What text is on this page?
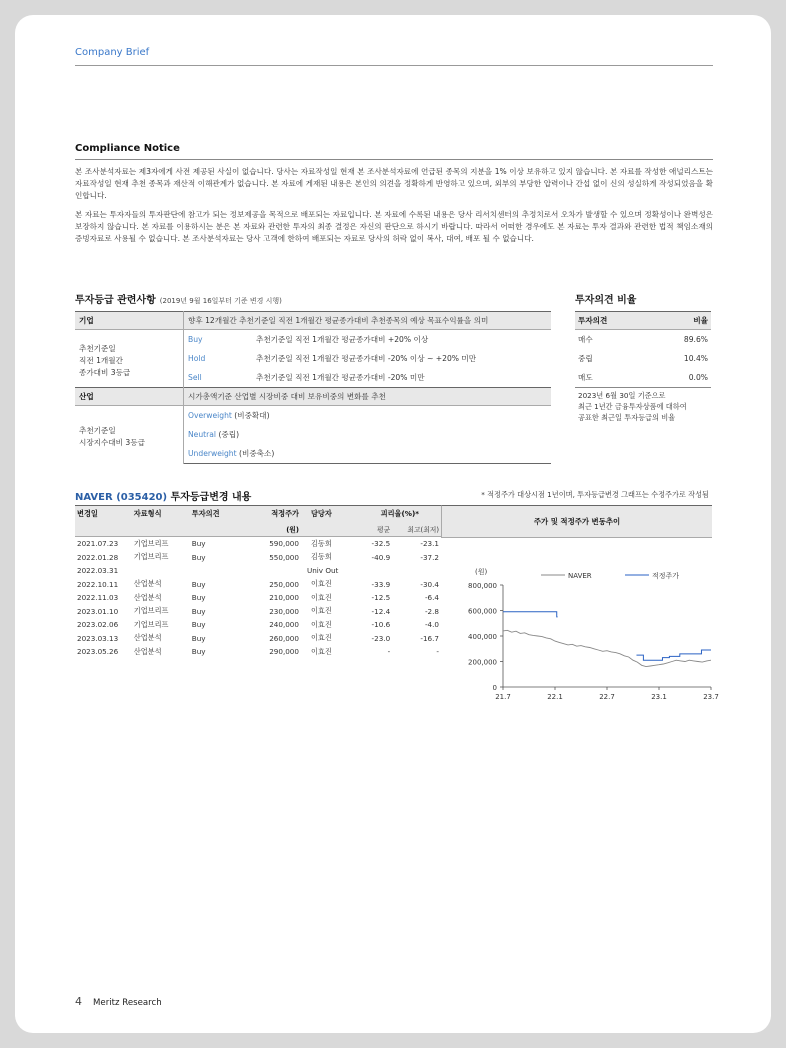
Company Brief
Compliance Notice
본 조사분석자료는 제3자에게 사전 제공된 사실이 없습니다. 당사는 자료작성일 현재 본 조사분석자료에 언급된 종목의 지분을 1% 이상 보유하고 있지 않습니다. 본 자료를 작성한 애널리스트는 자료작성일 현재 추천 종목과 재산적 이해관계가 없습니다. 본 자료에 게재된 내용은 본인의 의견을 정확하게 반영하고 있으며, 외부의 부당한 압력이나 간섭 없이 신의 성실하게 작성되었음을 확인합니다.
본 자료는 투자자들의 투자판단에 참고가 되는 정보제공을 목적으로 배포되는 자료입니다. 본 자료에 수록된 내용은 당사 리서치센터의 추정치로서 오차가 발생할 수 있으며 정확성이나 완벽성은 보장하지 않습니다. 본 자료를 이용하시는 분은 본 자료와 관련한 투자의 최종 결정은 자신의 판단으로 하시기 바랍니다. 따라서 어떠한 경우에도 본 자료는 투자 결과와 관련한 법적 책임소재의 증빙자료로 사용될 수 없습니다. 본 조사분석자료는 당사 고객에 한하여 배포되는 자료로 당사의 허락 없이 복사, 대여, 배포 될 수 없습니다.
투자등급 관련사항 (2019년 9월 16일부터 기준 변경 시행)
기업	향후 12개월간 추천기준일 직전 1개월간 평균종가대비 추천종목의 예상 목표수익률을 의미	

추천기준일
직전 1개월간
종가대비 3등급	Buy	추천기준일 직전 1개월간 평균종가대비 +20% 이상
	Hold	추천기준일 직전 1개월간 평균종가대비 -20% 이상 ~ +20% 미만
	Sell	추천기준일 직전 1개월간 평균종가대비 -20% 미만
산업	시가총액기준 산업별 시장비중 대비 보유비중의 변화를 추천	

추천기준일
시장지수대비 3등급	Overweight (비중확대)	
	Neutral (중립)	
	Underweight (비중축소)	
투자의견 비율
투자의견	비율
매수	89.6%
중립	10.4%
매도	0.0%
2023년 6월 30일 기준으로
최근 1년간 금융투자상품에 대하여
공표한 최근일 투자등급의 비율
NAVER (035420) 투자등급변경 내용	* 적정주가 대상시점 1년이며, 투자등급변경 그래프는 수정주가로 작성됨
변경일	자료형식	투자의견	적정주가	담당자	괴리율(%)*	
			(원)		평균	최고(최저)
2021.07.23	기업브리프	Buy	590,000	김동희	-32.5	-23.1
2022.01.28	기업브리프	Buy	550,000	김동희	-40.9	-37.2
2022.03.31				Univ Out		
2022.10.11	산업분석	Buy	250,000	이효진	-33.9	-30.4
2022.11.03	산업분석	Buy	210,000	이효진	-12.5	-6.4
2023.01.10	기업브리프	Buy	230,000	이효진	-12.4	-2.8
2023.02.06	기업브리프	Buy	240,000	이효진	-10.6	-4.0
2023.03.13	산업분석	Buy	260,000	이효진	-23.0	-16.7
2023.05.26	산업분석	Buy	290,000	이효진	-	-
주가 및 적정주가 변동추이
0
200,000
400,000
600,000
800,000
(원)
21.7	22.1	22.7	23.1	23.7
NAVER	적정주가
4 Meritz Research
